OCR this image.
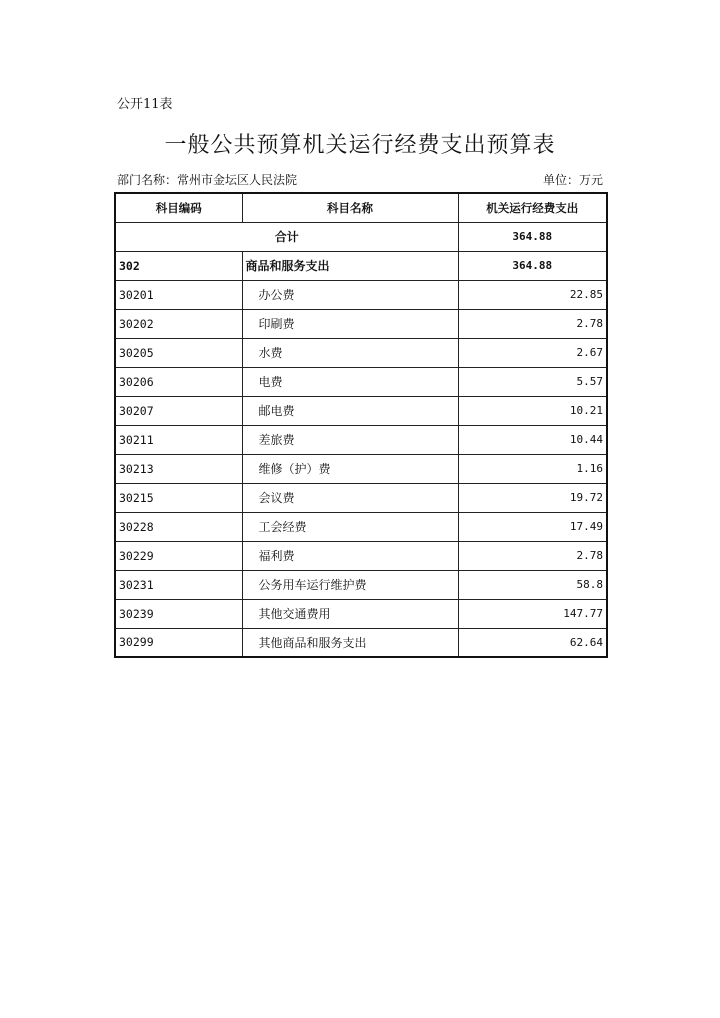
公开11表
一般公共预算机关运行经费支出预算表
部门名称：常州市金坛区人民法院	单位：万元
科目编码	科目名称	机关运行经费支出
合计		364.88
302	商品和服务支出	364.88
30201	办公费	22.85
30202	印刷费	2.78
30205	水费	2.67
30206	电费	5.57
30207	邮电费	10.21
30211	差旅费	10.44
30213	维修（护）费	1.16
30215	会议费	19.72
30228	工会经费	17.49
30229	福利费	2.78
30231	公务用车运行维护费	58.8
30239	其他交通费用	147.77
30299	其他商品和服务支出	62.64
